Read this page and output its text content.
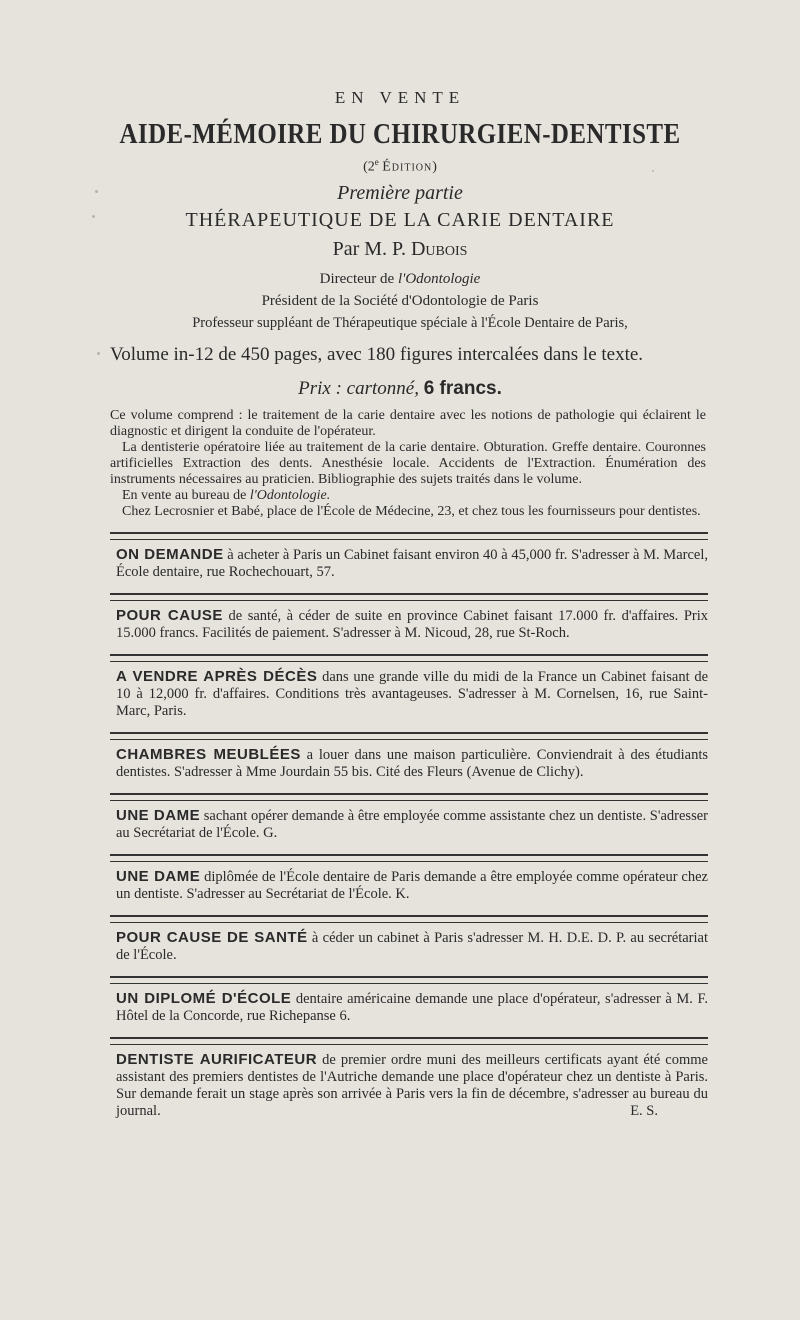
EN VENTE
AIDE-MÉMOIRE DU CHIRURGIEN-DENTISTE
(2e Édition)
Première partie
THÉRAPEUTIQUE DE LA CARIE DENTAIRE
Par M. P. Dubois
Directeur de l'Odontologie
Président de la Société d'Odontologie de Paris
Professeur suppléant de Thérapeutique spéciale à l'École Dentaire de Paris,
Volume in-12 de 450 pages, avec 180 figures intercalées dans le texte.
Prix : cartonné, 6 francs.

Ce volume comprend : le traitement de la carie dentaire avec les notions de pathologie qui éclairent le diagnostic et dirigent la conduite de l'opérateur.

La dentisterie opératoire liée au traitement de la carie dentaire. Obturation. Greffe dentaire. Couronnes artificielles Extraction des dents. Anesthésie locale. Accidents de l'Extraction. Énumération des instruments nécessaires au praticien. Bibliographie des sujets traités dans le volume.

En vente au bureau de l'Odontologie.

Chez Lecrosnier et Babé, place de l'École de Médecine, 23, et chez tous les fournisseurs pour dentistes.

ON DEMANDE à acheter à Paris un Cabinet faisant environ 40 à 45,000 fr. S'adresser à M. Marcel, École dentaire, rue Rochechouart, 57.
POUR CAUSE de santé, à céder de suite en province Cabinet faisant 17.000 fr. d'affaires. Prix 15.000 francs. Facilités de paiement. S'adresser à M. Nicoud, 28, rue St-Roch.
A VENDRE APRÈS DÉCÈS dans une grande ville du midi de la France un Cabinet faisant de 10 à 12,000 fr. d'affaires. Conditions très avantageuses. S'adresser à M. Cornelsen, 16, rue Saint-Marc, Paris.
CHAMBRES MEUBLÉES a louer dans une maison particulière. Conviendrait à des étudiants dentistes. S'adresser à Mme Jourdain 55 bis. Cité des Fleurs (Avenue de Clichy).
UNE DAME sachant opérer demande à être employée comme assistante chez un dentiste. S'adresser au Secrétariat de l'École. G.
UNE DAME diplômée de l'École dentaire de Paris demande a être employée comme opérateur chez un dentiste. S'adresser au Secrétariat de l'École. K.
POUR CAUSE DE SANTÉ à céder un cabinet à Paris s'adresser M. H. D.E. D. P. au secrétariat de l'École.
UN DIPLOMÉ D'ÉCOLE dentaire américaine demande une place d'opérateur, s'adresser à M. F. Hôtel de la Concorde, rue Richepanse 6.
DENTISTE AURIFICATEUR de premier ordre muni des meilleurs certificats ayant été comme assistant des premiers dentistes de l'Autriche demande une place d'opérateur chez un dentiste à Paris. Sur demande ferait un stage après son arrivée à Paris vers la fin de décembre, s'adresser au bureau du journal.	E. S.
